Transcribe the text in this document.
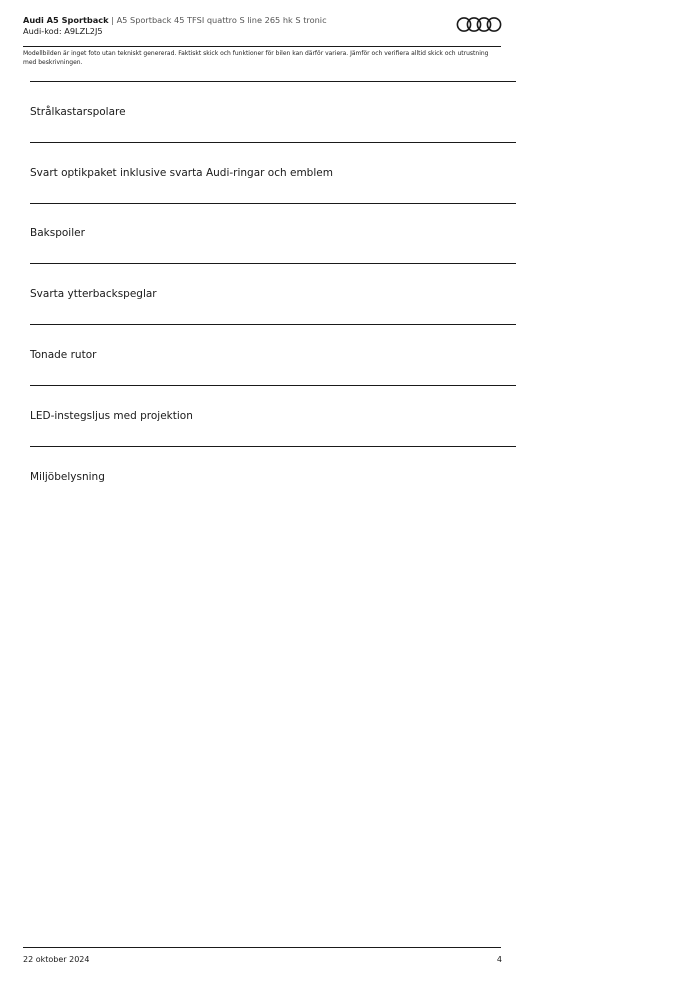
Audi A5 Sportback | A5 Sportback 45 TFSI quattro S line 265 hk S tronic
Audi-kod: A9LZL2J5
Modellbilden är inget foto utan tekniskt genererad. Faktiskt skick och funktioner för bilen kan därför variera. Jämför och verifiera alltid skick och utrustning med beskrivningen.
Strålkastarspolare
Svart optikpaket inklusive svarta Audi-ringar och emblem
Bakspoiler
Svarta ytterbackspeglar
Tonade rutor
LED-instegsljus med projektion
Miljöbelysning
22 oktober 2024	4
